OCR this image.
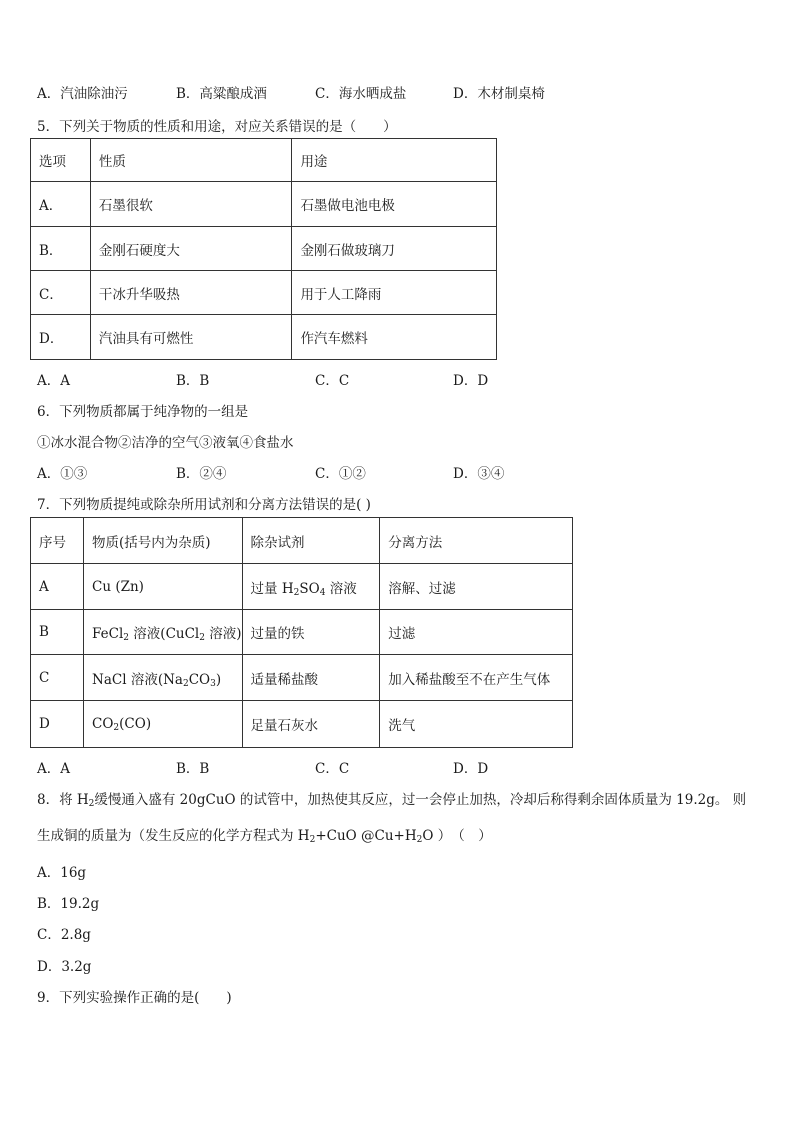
A．汽油除油污	B．高粱酿成酒	C．海水晒成盐	D．木材制桌椅
5．下列关于物质的性质和用途，对应关系错误的是（　　）
选项	性质	用途
A．	石墨很软	石墨做电池电极
B．	金刚石硬度大	金刚石做玻璃刀
C．	干冰升华吸热	用于人工降雨
D．	汽油具有可燃性	作汽车燃料
A．A	B．B	C．C	D．D
6．下列物质都属于纯净物的一组是
①冰水混合物②洁净的空气③液氧④食盐水
A．①③	B．②④	C．①②	D．③④
7．下列物质提纯或除杂所用试剂和分离方法错误的是( )
序号	物质(括号内为杂质)	除杂试剂	分离方法
A	Cu (Zn)	过量 $H_2SO_4$ 溶液	溶解、过滤
B	FeCl$_2$ 溶液(CuCl$_2$ 溶液)	过量的铁	过滤
C	NaCl 溶液$(Na_2CO_3)$	适量稀盐酸	加入稀盐酸至不在产生气体
D	$CO_2(CO)$	足量石灰水	洗气
A．A	B．B	C．C	D．D
8．将 $H_2$缓慢通入盛有 20gCuO 的试管中，加热使其反应，过一会停止加热，冷却后称得剩余固体质量为 19.2g。 则
生成铜的质量为（发生反应的化学方程式为 $H_2+CuO$ $@Cu+H_2O$ ）　（　）
A．16g
B．19.2g
C．2.8g
D．3.2g
9．下列实验操作正确的是(　　)
